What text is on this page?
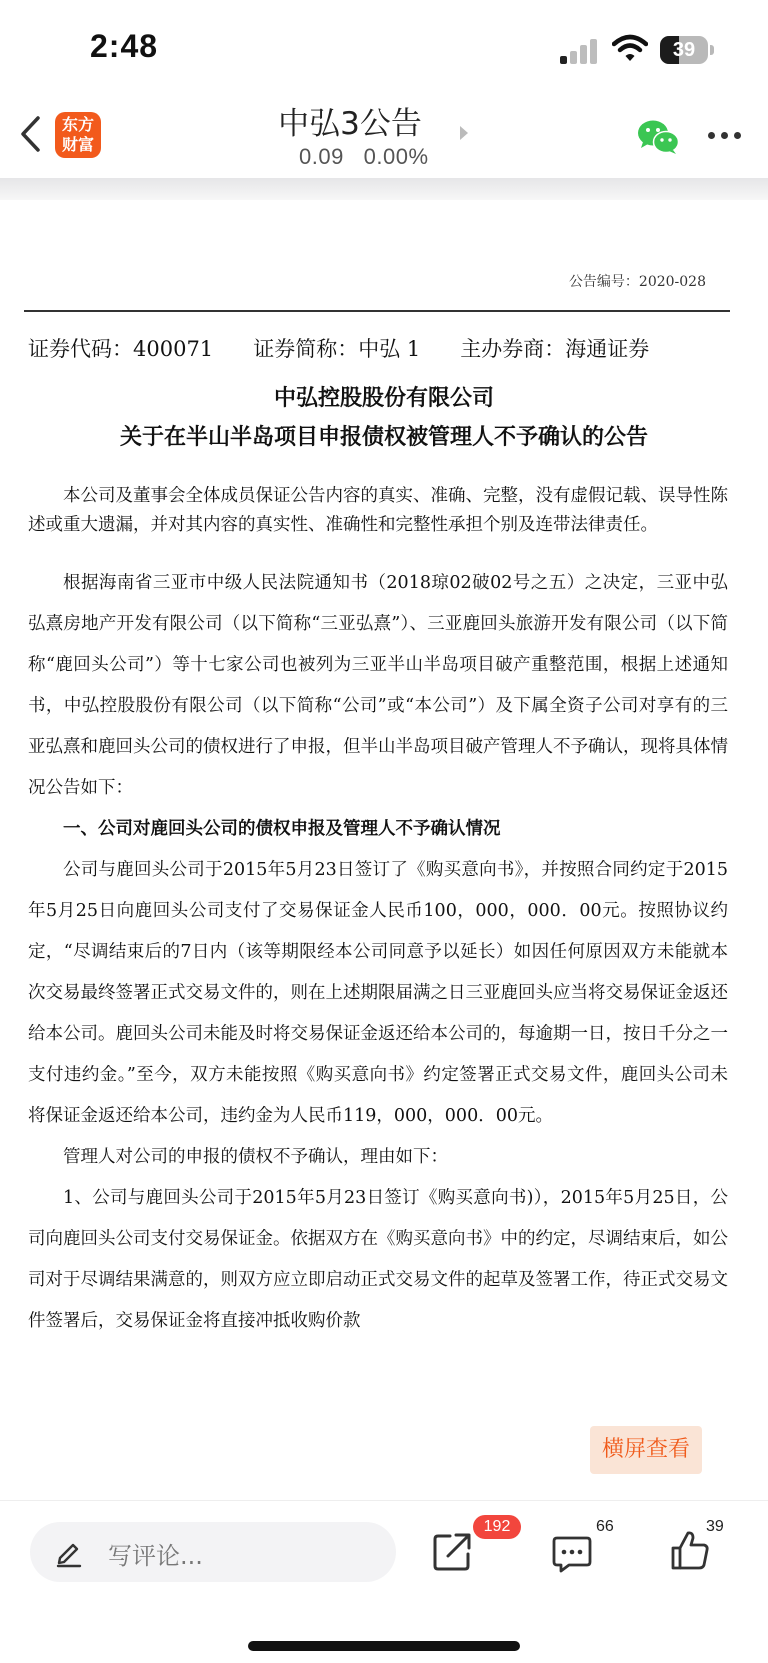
2:48	39
东方
财富
中弘3公告
0.09 0.00%
公告编号：2020-028
证券代码：400071      证券简称：中弘 1      主办券商：海通证券
中弘控股股份有限公司
关于在半山半岛项目申报债权被管理人不予确认的公告
本公司及董事会全体成员保证公告内容的真实、准确、完整，没有虚假记载、误导性陈述或重大遗漏，并对其内容的真实性、准确性和完整性承担个别及连带法律责任。

根据海南省三亚市中级人民法院通知书（2018琼02破02号之五）之决定，三亚中弘弘熹房地产开发有限公司（以下简称“三亚弘熹”）、三亚鹿回头旅游开发有限公司（以下简称“鹿回头公司”）等十七家公司也被列为三亚半山半岛项目破产重整范围，根据上述通知书，中弘控股股份有限公司（以下简称“公司”或“本公司”）及下属全资子公司对享有的三亚弘熹和鹿回头公司的债权进行了申报，但半山半岛项目破产管理人不予确认，现将具体情况公告如下：

一、公司对鹿回头公司的债权申报及管理人不予确认情况

公司与鹿回头公司于2015年5月23日签订了《购买意向书》，并按照合同约定于2015年5月25日向鹿回头公司支付了交易保证金人民币100，000，000．00元。按照协议约定，“尽调结束后的7日内（该等期限经本公司同意予以延长）如因任何原因双方未能就本次交易最终签署正式交易文件的，则在上述期限届满之日三亚鹿回头应当将交易保证金返还给本公司。鹿回头公司未能及时将交易保证金返还给本公司的，每逾期一日，按日千分之一支付违约金。”至今，双方未能按照《购买意向书》约定签署正式交易文件，鹿回头公司未将保证金返还给本公司，违约金为人民币119，000，000．00元。

管理人对公司的申报的债权不予确认，理由如下：

1、公司与鹿回头公司于2015年5月23日签订《购买意向书)），2015年5月25日，公司向鹿回头公司支付交易保证金。依据双方在《购买意向书》中的约定，尽调结束后，如公司对于尽调结果满意的，则双方应立即启动正式交易文件的起草及签署工作，待正式交易文件签署后，交易保证金将直接冲抵收购价款

横屏查看
写评论...
192	66	39
